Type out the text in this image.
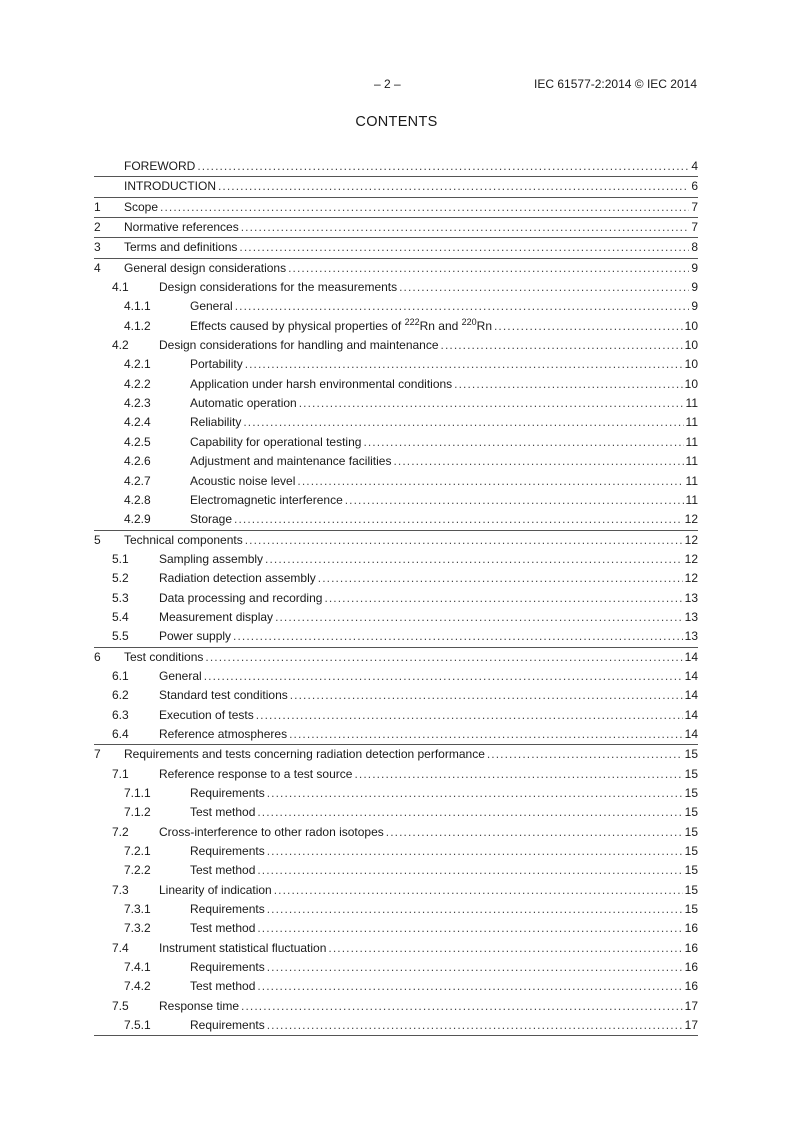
– 2 –	IEC 61577-2:2014 © IEC 2014
CONTENTS
FOREWORD .....	4
INTRODUCTION .....	6
1	Scope .....	7
2	Normative references .....	7
3	Terms and definitions .....	8
4	General design considerations .....	9
4.1	Design considerations for the measurements .....	9
4.1.1	General .....	9
4.1.2	Effects caused by physical properties of $^{222}$Rn and $^{220}$Rn .....	10
4.2	Design considerations for handling and maintenance .....	10
4.2.1	Portability .....	10
4.2.2	Application under harsh environmental conditions .....	10
4.2.3	Automatic operation .....	11
4.2.4	Reliability .....	11
4.2.5	Capability for operational testing .....	11
4.2.6	Adjustment and maintenance facilities .....	11
4.2.7	Acoustic noise level .....	11
4.2.8	Electromagnetic interference .....	11
4.2.9	Storage .....	12
5	Technical components .....	12
5.1	Sampling assembly .....	12
5.2	Radiation detection assembly .....	12
5.3	Data processing and recording .....	13
5.4	Measurement display .....	13
5.5	Power supply .....	13
6	Test conditions .....	14
6.1	General .....	14
6.2	Standard test conditions .....	14
6.3	Execution of tests .....	14
6.4	Reference atmospheres .....	14
7	Requirements and tests concerning radiation detection performance .....	15
7.1	Reference response to a test source .....	15
7.1.1	Requirements .....	15
7.1.2	Test method .....	15
7.2	Cross-interference to other radon isotopes .....	15
7.2.1	Requirements .....	15
7.2.2	Test method .....	15
7.3	Linearity of indication .....	15
7.3.1	Requirements .....	15
7.3.2	Test method .....	16
7.4	Instrument statistical fluctuation .....	16
7.4.1	Requirements .....	16
7.4.2	Test method .....	16
7.5	Response time .....	17
7.5.1	Requirements .....	17
